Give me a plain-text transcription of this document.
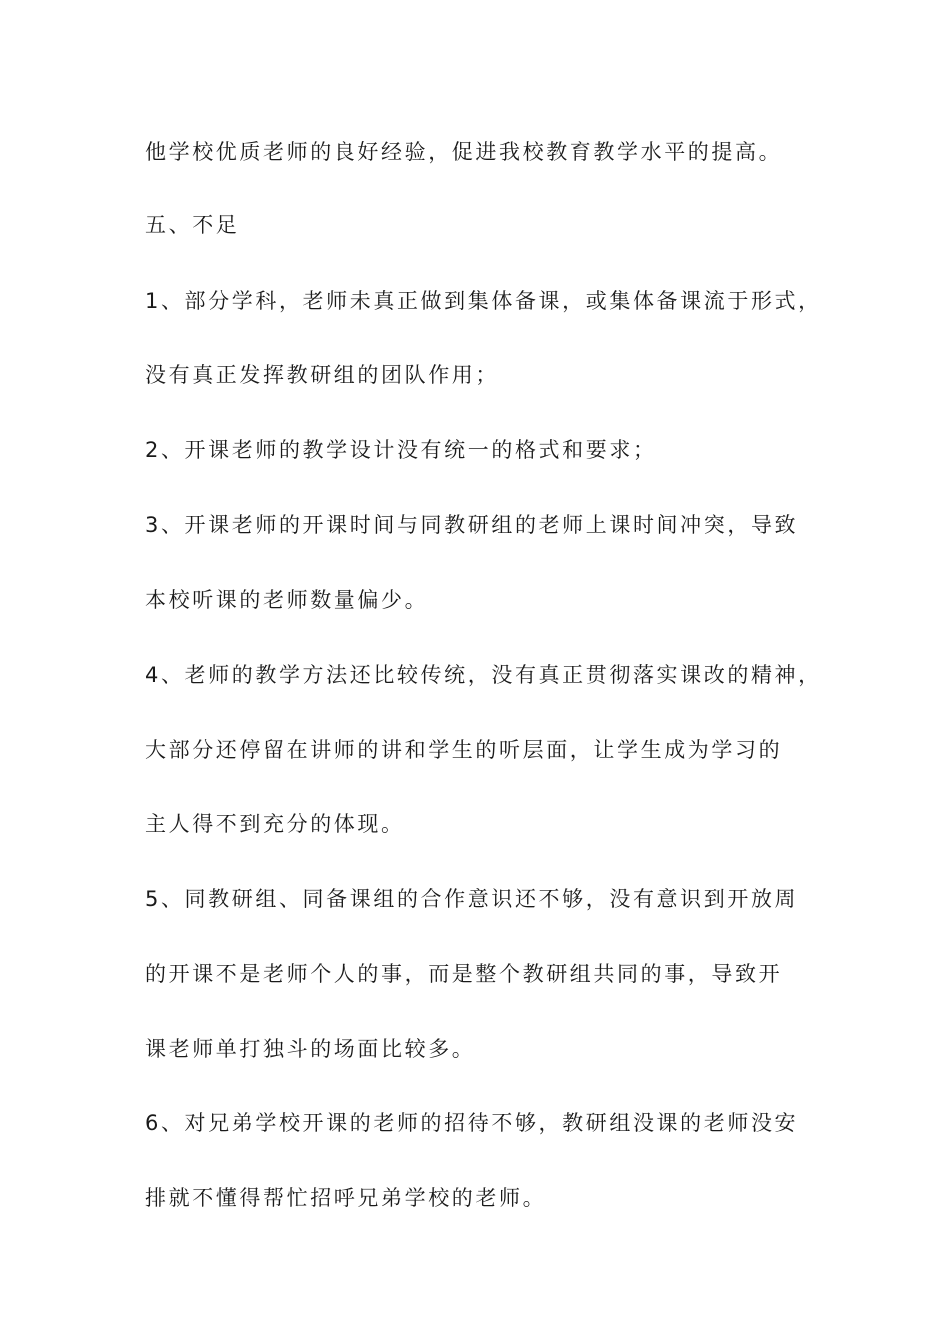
他学校优质老师的良好经验，促进我校教育教学水平的提高。
五、不足
1、部分学科，老师未真正做到集体备课，或集体备课流于形式，
没有真正发挥教研组的团队作用；
2、开课老师的教学设计没有统一的格式和要求；
3、开课老师的开课时间与同教研组的老师上课时间冲突，导致
本校听课的老师数量偏少。
4、老师的教学方法还比较传统，没有真正贯彻落实课改的精神，
大部分还停留在讲师的讲和学生的听层面，让学生成为学习的
主人得不到充分的体现。
5、同教研组、同备课组的合作意识还不够，没有意识到开放周
的开课不是老师个人的事，而是整个教研组共同的事，导致开
课老师单打独斗的场面比较多。
6、对兄弟学校开课的老师的招待不够，教研组没课的老师没安
排就不懂得帮忙招呼兄弟学校的老师。
